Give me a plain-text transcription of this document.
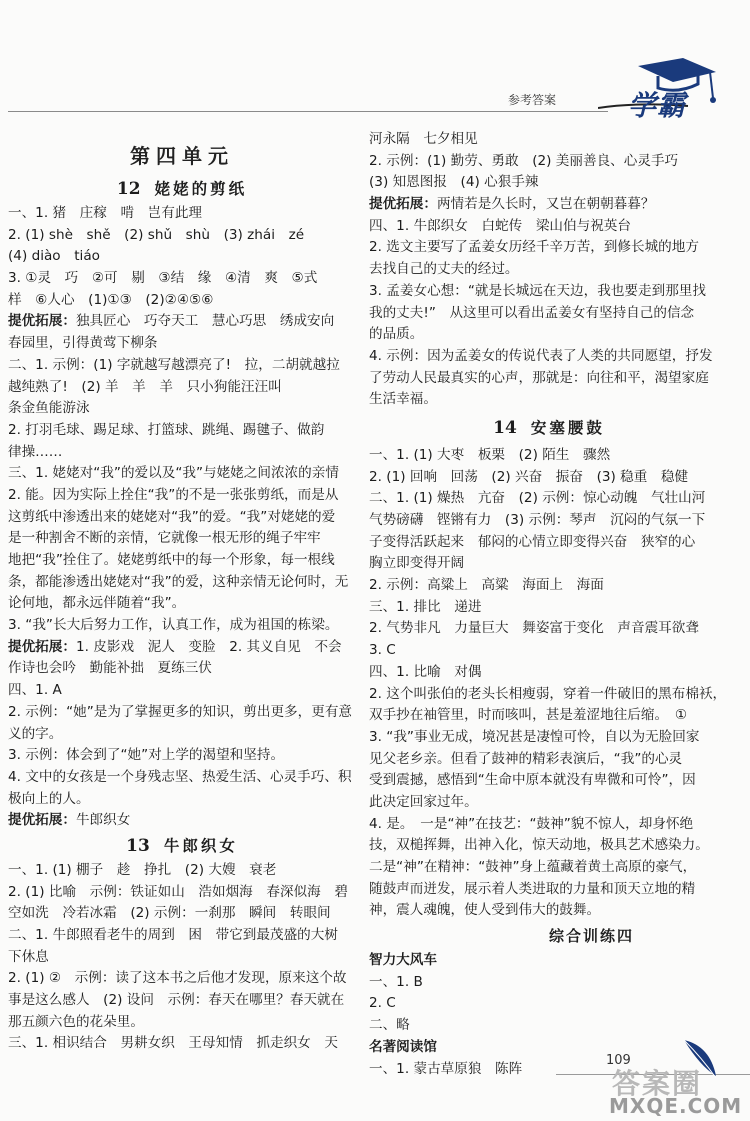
参考答案	学霸
第四单元
12 姥姥的剪纸
一、1. 猪　庄稼　啃　岂有此理
2. (1) shè　shě　(2) shǔ　shù　(3) zhái　zé
(4) diào　tiáo
3. ①灵　巧　②可　剔　③结　缘　④清　爽　⑤式
样　⑥人心　(1)①③　(2)②④⑤⑥
提优拓展：独具匠心　巧夺天工　慧心巧思　绣成安向
春园里，引得黄莺下柳条
二、1. 示例：(1) 字就越写越漂亮了!　拉，二胡就越拉
越纯熟了!　(2) 羊　羊　羊　只小狗能汪汪叫
条金鱼能游泳
2. 打羽毛球、踢足球、打篮球、跳绳、踢毽子、做韵
律操……
三、1. 姥姥对“我”的爱以及“我”与姥姥之间浓浓的亲情
2. 能。因为实际上拴住“我”的不是一张张剪纸，而是从
这剪纸中渗透出来的姥姥对“我”的爱。“我”对姥姥的爱
是一种割舍不断的亲情，它就像一根无形的绳子牢牢
地把“我”拴住了。姥姥剪纸中的每一个形象，每一根线
条，都能渗透出姥姥对“我”的爱，这种亲情无论何时，无
论何地，都永远伴随着“我”。
3. “我”长大后努力工作，认真工作，成为祖国的栋梁。
提优拓展：1. 皮影戏　泥人　变脸　2. 其义自见　不会
作诗也会吟　勤能补拙　夏练三伏
四、1. A
2. 示例：“她”是为了掌握更多的知识，剪出更多，更有意
义的字。
3. 示例：体会到了“她”对上学的渴望和坚持。
4. 文中的女孩是一个身残志坚、热爱生活、心灵手巧、积
极向上的人。
提优拓展：牛郎织女
13 牛郎织女
一、1. (1) 棚子　趁　挣扎　(2) 大嫂　衰老
2. (1) 比喻　示例：铁证如山　浩如烟海　春深似海　碧
空如洗　冷若冰霜　(2) 示例：一刹那　瞬间　转眼间
二、1. 牛郎照看老牛的周到　困　带它到最茂盛的大树
下休息
2. (1) ②　示例：读了这本书之后他才发现，原来这个故
事是这么感人　(2) 设问　示例：春天在哪里？春天就在
那五颜六色的花朵里。
三、1. 相识结合　男耕女织　王母知情　抓走织女　天
河永隔　七夕相见
2. 示例：(1) 勤劳、勇敢　(2) 美丽善良、心灵手巧
(3) 知恩图报　(4) 心狠手辣
提优拓展：两情若是久长时，又岂在朝朝暮暮？
四、1. 牛郎织女　白蛇传　梁山伯与祝英台
2. 选文主要写了孟姜女历经千辛万苦，到修长城的地方
去找自己的丈夫的经过。
3. 孟姜女心想：“就是长城远在天边，我也要走到那里找
我的丈夫!”　从这里可以看出孟姜女有坚持自己的信念
的品质。
4. 示例：因为孟姜女的传说代表了人类的共同愿望，抒发
了劳动人民最真实的心声，那就是：向往和平，渴望家庭
生活幸福。
14 安塞腰鼓
一、1. (1) 大枣　板栗　(2) 陌生　骤然
2. (1) 回响　回荡　(2) 兴奋　振奋　(3) 稳重　稳健
二、1. (1) 燥热　亢奋　(2) 示例：惊心动魄　气壮山河
气势磅礴　铿锵有力　(3) 示例：琴声　沉闷的气氛一下
子变得活跃起来　郁闷的心情立即变得兴奋　狭窄的心
胸立即变得开阔
2. 示例：高粱上　高粱　海面上　海面
三、1. 排比　递进
2. 气势非凡　力量巨大　舞姿富于变化　声音震耳欲聋
3. C
四、1. 比喻　对偶
2. 这个叫张伯的老头长相瘦弱，穿着一件破旧的黑布棉袄，
双手抄在袖管里，时而咳叫，甚是羞涩地往后缩。　①
3. “我”事业无成，境况甚是凄惶可怜，自以为无脸回家
见父老乡亲。但看了鼓神的精彩表演后，“我”的心灵
受到震撼，感悟到“生命中原本就没有卑微和可怜”，因
此决定回家过年。
4. 是。　一是“神”在技艺：“鼓神”貌不惊人，却身怀绝
技，双槌挥舞，出神入化，惊天动地，极具艺术感染力。
二是“神”在精神：“鼓神”身上蕴藏着黄土高原的豪气，
随鼓声而迸发，展示着人类进取的力量和顶天立地的精
神，震人魂魄，使人受到伟大的鼓舞。
综合训练四
智力大风车
一、1. B
2. C
二、略
名著阅读馆
一、1. 蒙古草原狼　陈阵	109
答案圈
MXQE.COM
